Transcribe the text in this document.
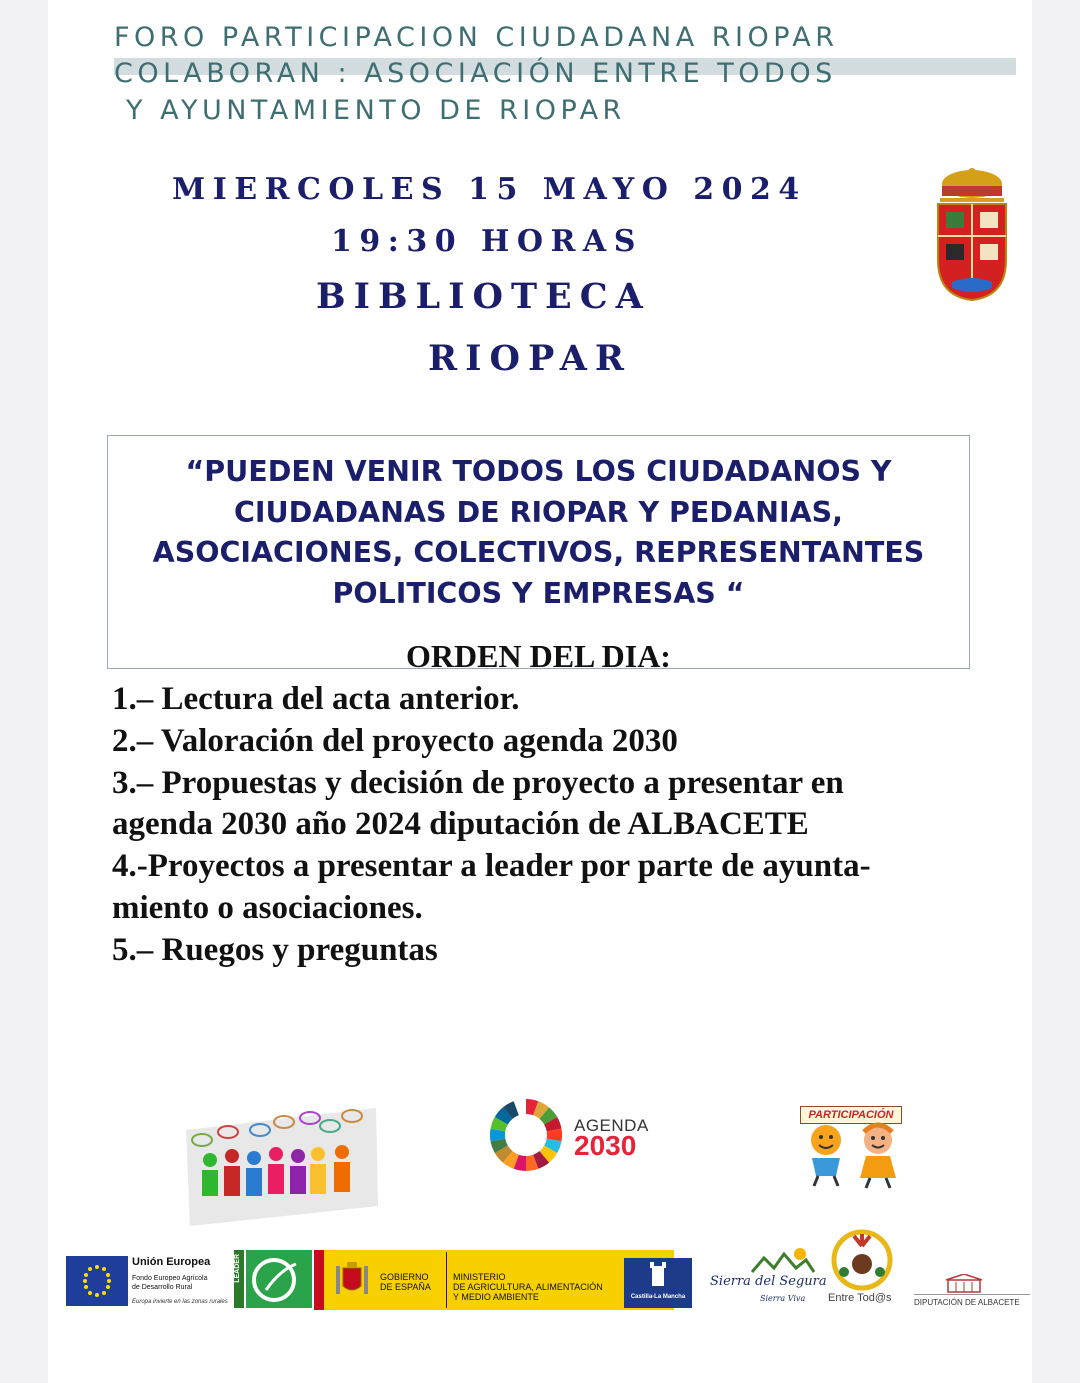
FORO PARTICIPACION CIUDADANA RIOPAR
COLABORAN : ASOCIACIÓN ENTRE TODOS
Y AYUNTAMIENTO DE RIOPAR
MIERCOLES 15 MAYO 2024
19:30 HORAS
BIBLIOTECA
RIOPAR
“PUEDEN VENIR TODOS LOS CIUDADANOS Y
CIUDADANAS DE RIOPAR Y PEDANIAS,
ASOCIACIONES, COLECTIVOS, REPRESENTANTES
POLITICOS Y EMPRESAS “
ORDEN DEL DIA:
1.– Lectura del acta anterior.
2.– Valoración del proyecto agenda 2030
3.– Propuestas y decisión de proyecto a presentar en
agenda 2030 año 2024 diputación de ALBACETE
4.-Proyectos a presentar a leader por parte de ayunta-
miento o asociaciones.
5.– Ruegos y preguntas
AGENDA
2030
PARTICIPACIÓN
Unión Europea
Fondo Europeo Agrícola
de Desarrollo Rural
Europa invierte en las zonas rurales
LEADER	GOBIERNO
DE ESPAÑA
MINISTERIO
DE AGRICULTURA, ALIMENTACIÓN
Y MEDIO AMBIENTE	Castilla-La Mancha
Sierra del Segura
Sierra Viva Entre Tod@s	DIPUTACIÓN DE ALBACETE
